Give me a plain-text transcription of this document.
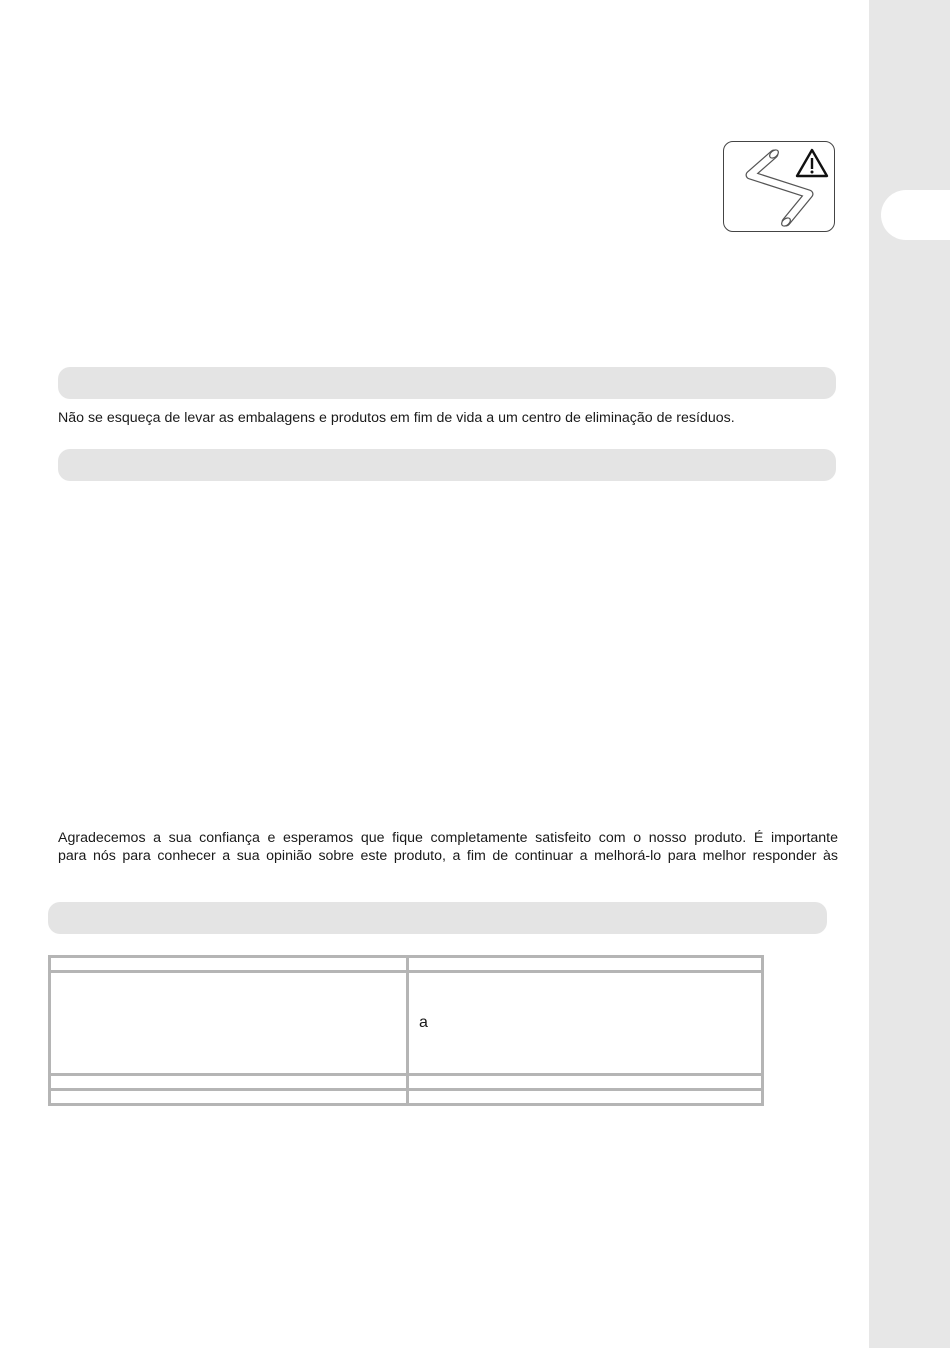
Não se esqueça de levar as embalagens e produtos em fim de vida a um centro de eliminação de resíduos.
Agradecemos a sua confiança e esperamos que fique completamente satisfeito com o nosso produto. É importante
para nós para conhecer a sua opinião sobre este produto, a fim de continuar a melhorá-lo para melhor responder às

	a
